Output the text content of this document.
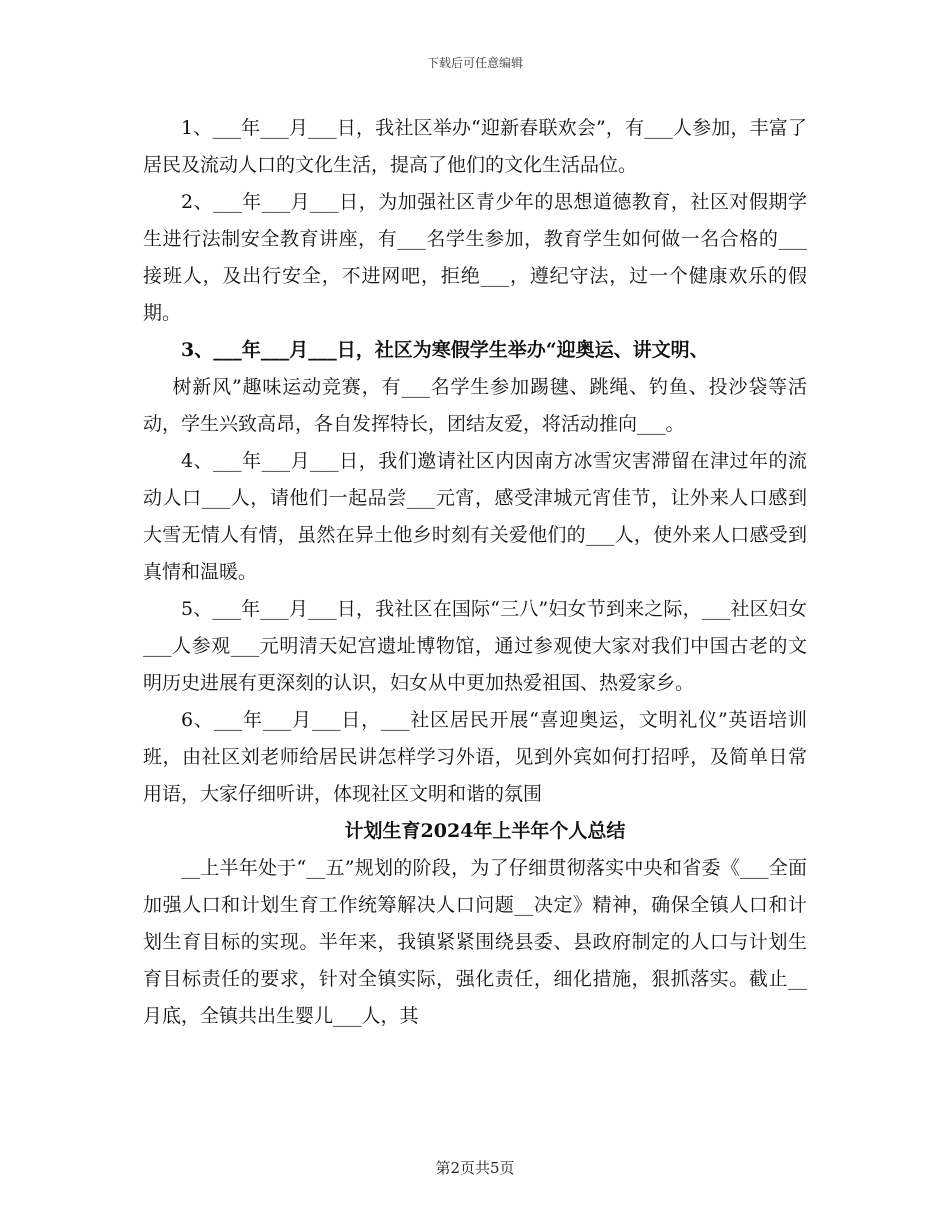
下载后可任意编辑

1、___年___月___日，我社区举办“迎新春联欢会”，有___人参加，丰富了居民及流动人口的文化生活，提高了他们的文化生活品位。

2、___年___月___日，为加强社区青少年的思想道德教育，社区对假期学生进行法制安全教育讲座，有___名学生参加，教育学生如何做一名合格的___接班人，及出行安全，不进网吧，拒绝___，遵纪守法，过一个健康欢乐的假期。

3、___年___月___日，社区为寒假学生举办“迎奥运、讲文明、

树新风”趣味运动竞赛，有___名学生参加踢毽、跳绳、钓鱼、投沙袋等活动，学生兴致高昂，各自发挥特长，团结友爱，将活动推向___。

4、___年___月___日，我们邀请社区内因南方冰雪灾害滞留在津过年的流动人口___人，请他们一起品尝___元宵，感受津城元宵佳节，让外来人口感到大雪无情人有情，虽然在异土他乡时刻有关爱他们的___人，使外来人口感受到真情和温暖。

5、___年___月___日，我社区在国际“三八”妇女节到来之际，___社区妇女___人参观___元明清天妃宫遗址博物馆，通过参观使大家对我们中国古老的文明历史进展有更深刻的认识，妇女从中更加热爱祖国、热爱家乡。

6、___年___月___日，___社区居民开展“喜迎奥运，文明礼仪”英语培训班，由社区刘老师给居民讲怎样学习外语，见到外宾如何打招呼，及简单日常用语，大家仔细听讲，体现社区文明和谐的氛围

计划生育2024年上半年个人总结

__上半年处于“__五”规划的阶段，为了仔细贯彻落实中央和省委《___全面加强人口和计划生育工作统筹解决人口问题__决定》精神，确保全镇人口和计划生育目标的实现。半年来，我镇紧紧围绕县委、县政府制定的人口与计划生育目标责任的要求，针对全镇实际，强化责任，细化措施，狠抓落实。截止__月底，全镇共出生婴儿___人，其

第2页共5页
